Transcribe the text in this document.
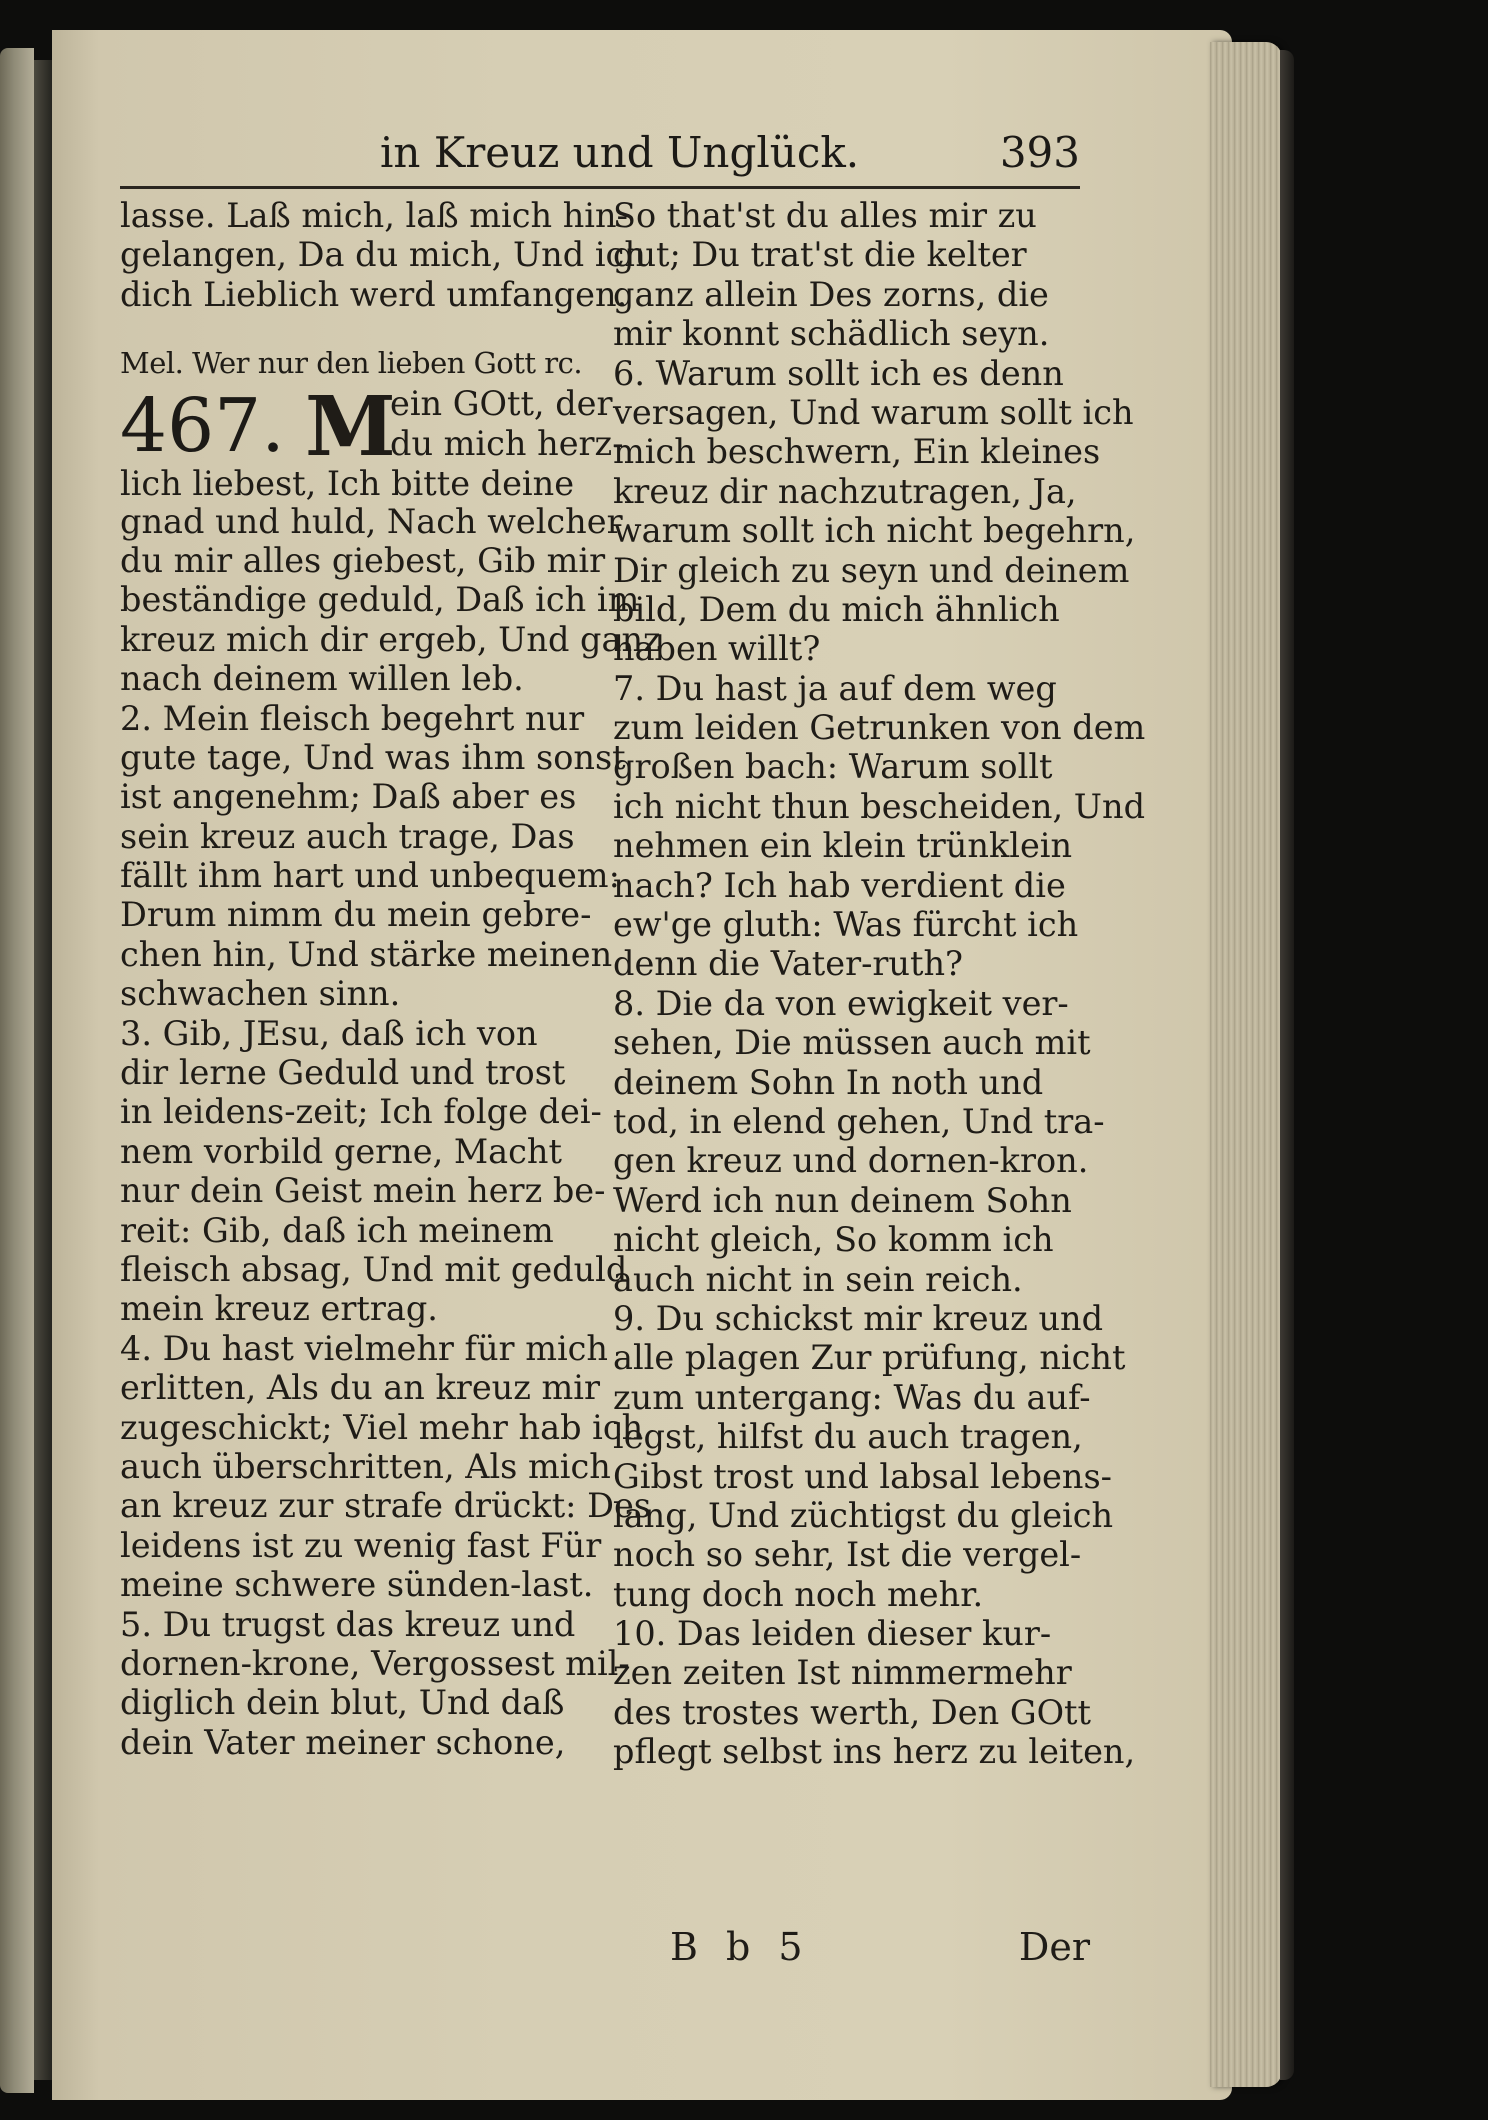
in Kreuz und Unglück.	393
lasse. Laß mich, laß mich hin-
gelangen, Da du mich, Und ich
dich Lieblich werd umfangen.
Mel. Wer nur den lieben Gott rc.
467. M
ein GOtt, der
du mich herz-
lich liebest, Ich bitte deine
gnad und huld, Nach welcher
du mir alles giebest, Gib mir
beständige geduld, Daß ich im
kreuz mich dir ergeb, Und ganz
nach deinem willen leb.
2. Mein fleisch begehrt nur
gute tage, Und was ihm sonst
ist angenehm; Daß aber es
sein kreuz auch trage, Das
fällt ihm hart und unbequem:
Drum nimm du mein gebre-
chen hin, Und stärke meinen
schwachen sinn.
3. Gib, JEsu, daß ich von
dir lerne Geduld und trost
in leidens-zeit; Ich folge dei-
nem vorbild gerne, Macht
nur dein Geist mein herz be-
reit: Gib, daß ich meinem
fleisch absag, Und mit geduld
mein kreuz ertrag.
4. Du hast vielmehr für mich
erlitten, Als du an kreuz mir
zugeschickt; Viel mehr hab ich
auch überschritten, Als mich
an kreuz zur strafe drückt: Des
leidens ist zu wenig fast Für
meine schwere sünden-last.
5. Du trugst das kreuz und
dornen-krone, Vergossest mil-
diglich dein blut, Und daß
dein Vater meiner schone,
So that'st du alles mir zu
gut; Du trat'st die kelter
ganz allein Des zorns, die
mir konnt schädlich seyn.
6. Warum sollt ich es denn
versagen, Und warum sollt ich
mich beschwern, Ein kleines
kreuz dir nachzutragen, Ja,
warum sollt ich nicht begehrn,
Dir gleich zu seyn und deinem
bild, Dem du mich ähnlich
haben willt?
7. Du hast ja auf dem weg
zum leiden Getrunken von dem
großen bach: Warum sollt
ich nicht thun bescheiden, Und
nehmen ein klein trünklein
nach? Ich hab verdient die
ew'ge gluth: Was fürcht ich
denn die Vater-ruth?
8. Die da von ewigkeit ver-
sehen, Die müssen auch mit
deinem Sohn In noth und
tod, in elend gehen, Und tra-
gen kreuz und dornen-kron.
Werd ich nun deinem Sohn
nicht gleich, So komm ich
auch nicht in sein reich.
9. Du schickst mir kreuz und
alle plagen Zur prüfung, nicht
zum untergang: Was du auf-
legst, hilfst du auch tragen,
Gibst trost und labsal lebens-
lang, Und züchtigst du gleich
noch so sehr, Ist die vergel-
tung doch noch mehr.
10. Das leiden dieser kur-
zen zeiten Ist nimmermehr
des trostes werth, Den GOtt
pflegt selbst ins herz zu leiten,
B b 5	Der
